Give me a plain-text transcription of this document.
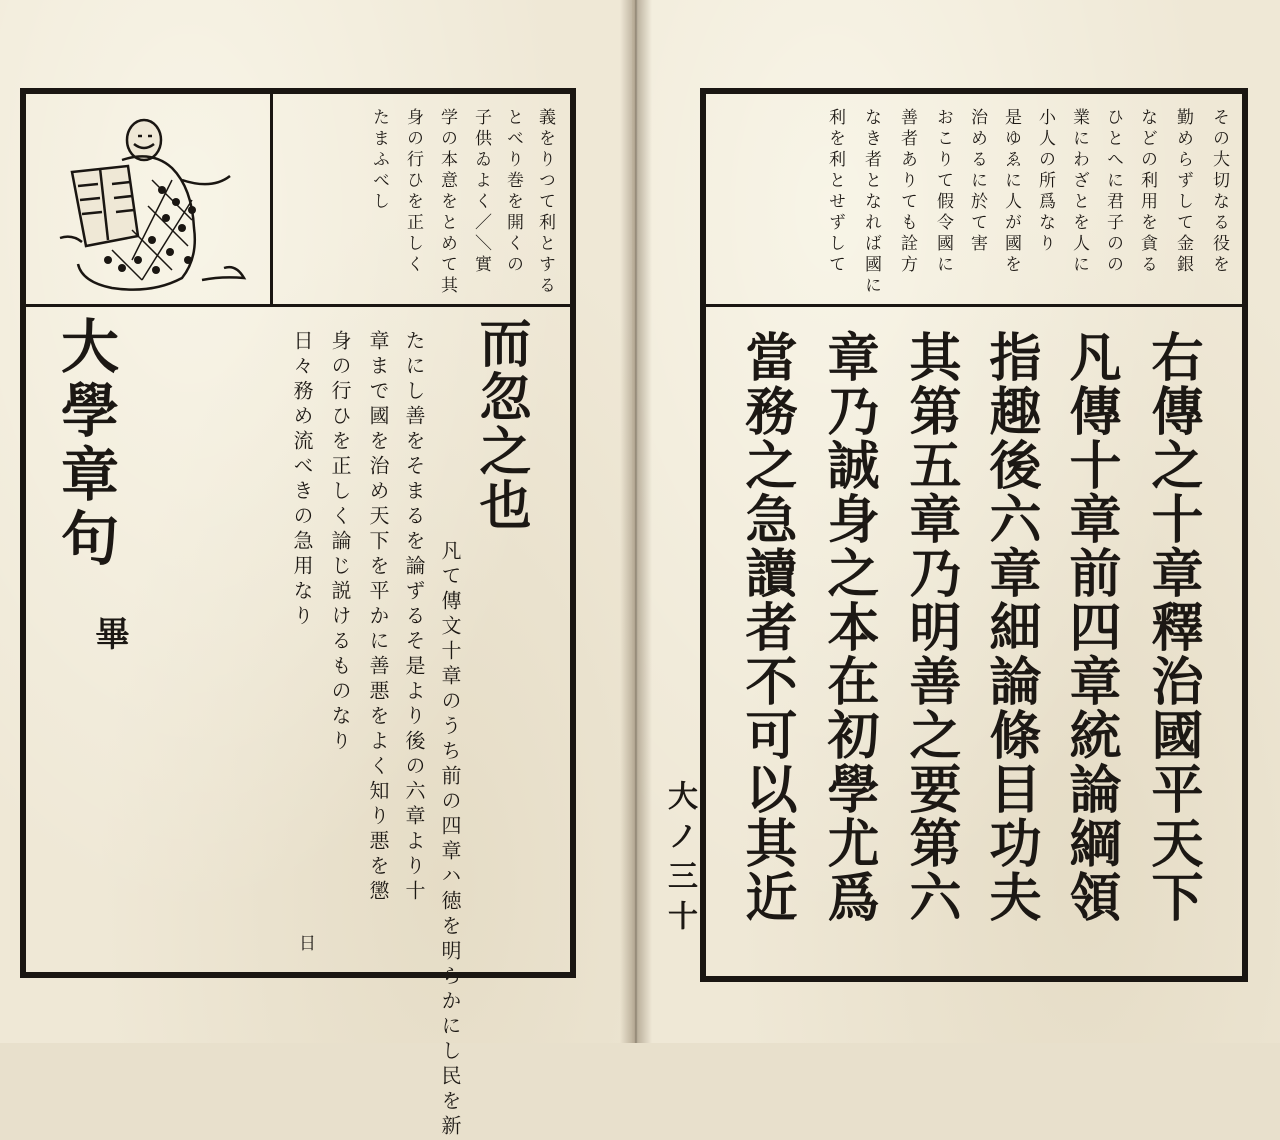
義をりつて利とする
とべり巻を開くの
子供ゐよく／＼實
学の本意をとめて其
身の行ひを正しく
たまふべし
而忽之也
凡て傳文十章のうち前の四章ハ徳を明らかにし民を新
たにし善をそまるを論ずるそ是より後の六章より十
章まで國を治め天下を平かに善悪をよく知り悪を懲
身の行ひを正しく論じ説けるものなり
日々務め流べきの急用なり
日
大學章句
畢
その大切なる役を
勤めらずして金銀
などの利用を貪る
ひとへに君子のの
業にわざとを人に
小人の所爲なり
是ゆゑに人が國を
治めるに於て害
おこりて假令國に
善者ありても詮方
なき者となれば國に
利を利とせずして
右傳之十章釋治國平天下
凡傳十章前四章統論綱領
指趣後六章細論條目功夫
其第五章乃明善之要第六
章乃誠身之本在初學尤爲
當務之急讀者不可以其近
大ノ三十
